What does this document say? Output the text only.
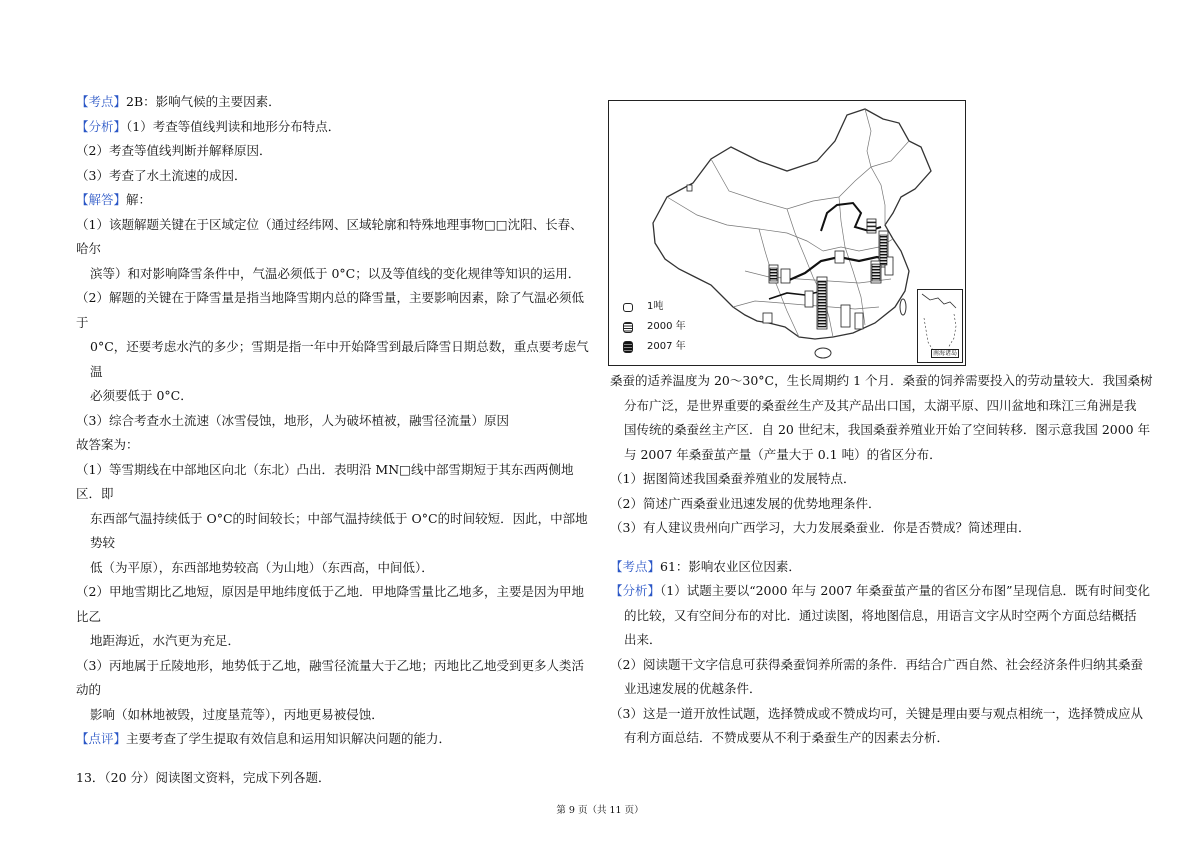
【考点】2B：影响气候的主要因素．
【分析】（1）考查等值线判读和地形分布特点．
（2）考查等值线判断并解释原因．
（3）考查了水土流速的成因．
【解答】解：
（1）该题解题关键在于区域定位（通过经纬网、区域轮廓和特殊地理事物□□沈阳、长春、哈尔
滨等）和对影响降雪条件中，气温必须低于 0°C；以及等值线的变化规律等知识的运用．
（2）解题的关键在于降雪量是指当地降雪期内总的降雪量，主要影响因素，除了气温必须低于
0°C，还要考虑水汽的多少；雪期是指一年中开始降雪到最后降雪日期总数，重点要考虑气温
必须要低于 0°C．
（3）综合考查水土流速（冰雪侵蚀，地形，人为破坏植被，融雪径流量）原因
故答案为：
（1）等雪期线在中部地区向北（东北）凸出．表明沿 MN□线中部雪期短于其东西两侧地区．即
东西部气温持续低于 O°C的时间较长；中部气温持续低于 O°C的时间较短．因此，中部地势较
低（为平原），东西部地势较高（为山地）（东西高，中间低）．
（2）甲地雪期比乙地短，原因是甲地纬度低于乙地．甲地降雪量比乙地多，主要是因为甲地比乙
地距海近，水汽更为充足．
（3）丙地属于丘陵地形，地势低于乙地，融雪径流量大于乙地；丙地比乙地受到更多人类活动的
影响（如林地被毁，过度垦荒等），丙地更易被侵蚀．
【点评】主要考查了学生提取有效信息和运用知识解决问题的能力．
13．（20 分）阅读图文资料，完成下列各题．
1吨
2000 年
2007 年
南海诸岛
桑蚕的适养温度为 20～30°C，生长周期约 1 个月．桑蚕的饲养需要投入的劳动量较大．我国桑树
分布广泛，是世界重要的桑蚕丝生产及其产品出口国，太湖平原、四川盆地和珠江三角洲是我
国传统的桑蚕丝主产区．自 20 世纪末，我国桑蚕养殖业开始了空间转移．图示意我国 2000 年
与 2007 年桑蚕茧产量（产量大于 0.1 吨）的省区分布．
（1）据图简述我国桑蚕养殖业的发展特点．
（2）简述广西桑蚕业迅速发展的优势地理条件．
（3）有人建议贵州向广西学习，大力发展桑蚕业．你是否赞成？简述理由．
【考点】61：影响农业区位因素．
【分析】（1）试题主要以“2000 年与 2007 年桑蚕茧产量的省区分布图”呈现信息．既有时间变化
的比较，又有空间分布的对比．通过读图，将地图信息，用语言文字从时空两个方面总结概括
出来．
（2）阅读题干文字信息可获得桑蚕饲养所需的条件．再结合广西自然、社会经济条件归纳其桑蚕
业迅速发展的优越条件．
（3）这是一道开放性试题，选择赞成或不赞成均可，关键是理由要与观点相统一，选择赞成应从
有利方面总结．不赞成要从不利于桑蚕生产的因素去分析．
第 9 页（共 11 页）
